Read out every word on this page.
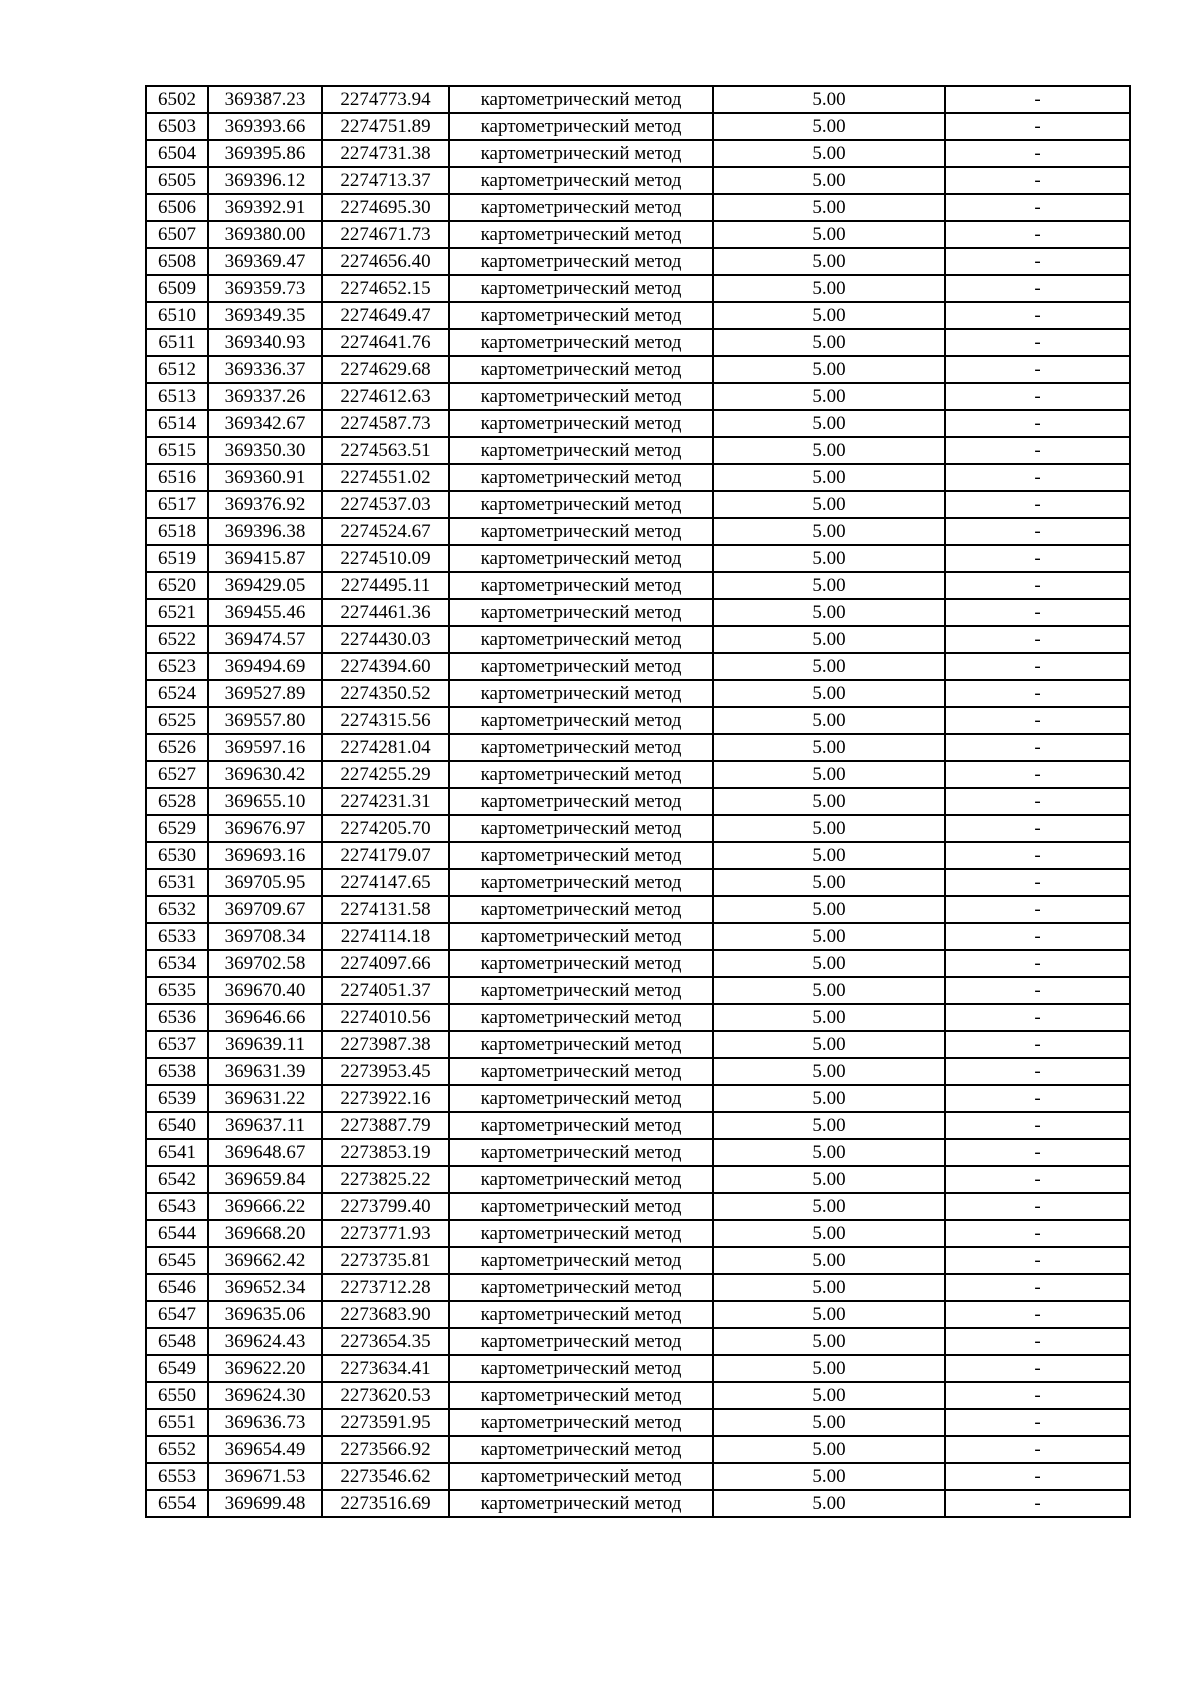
6502	369387.23	2274773.94	картометрический метод	5.00	-
6503	369393.66	2274751.89	картометрический метод	5.00	-
6504	369395.86	2274731.38	картометрический метод	5.00	-
6505	369396.12	2274713.37	картометрический метод	5.00	-
6506	369392.91	2274695.30	картометрический метод	5.00	-
6507	369380.00	2274671.73	картометрический метод	5.00	-
6508	369369.47	2274656.40	картометрический метод	5.00	-
6509	369359.73	2274652.15	картометрический метод	5.00	-
6510	369349.35	2274649.47	картометрический метод	5.00	-
6511	369340.93	2274641.76	картометрический метод	5.00	-
6512	369336.37	2274629.68	картометрический метод	5.00	-
6513	369337.26	2274612.63	картометрический метод	5.00	-
6514	369342.67	2274587.73	картометрический метод	5.00	-
6515	369350.30	2274563.51	картометрический метод	5.00	-
6516	369360.91	2274551.02	картометрический метод	5.00	-
6517	369376.92	2274537.03	картометрический метод	5.00	-
6518	369396.38	2274524.67	картометрический метод	5.00	-
6519	369415.87	2274510.09	картометрический метод	5.00	-
6520	369429.05	2274495.11	картометрический метод	5.00	-
6521	369455.46	2274461.36	картометрический метод	5.00	-
6522	369474.57	2274430.03	картометрический метод	5.00	-
6523	369494.69	2274394.60	картометрический метод	5.00	-
6524	369527.89	2274350.52	картометрический метод	5.00	-
6525	369557.80	2274315.56	картометрический метод	5.00	-
6526	369597.16	2274281.04	картометрический метод	5.00	-
6527	369630.42	2274255.29	картометрический метод	5.00	-
6528	369655.10	2274231.31	картометрический метод	5.00	-
6529	369676.97	2274205.70	картометрический метод	5.00	-
6530	369693.16	2274179.07	картометрический метод	5.00	-
6531	369705.95	2274147.65	картометрический метод	5.00	-
6532	369709.67	2274131.58	картометрический метод	5.00	-
6533	369708.34	2274114.18	картометрический метод	5.00	-
6534	369702.58	2274097.66	картометрический метод	5.00	-
6535	369670.40	2274051.37	картометрический метод	5.00	-
6536	369646.66	2274010.56	картометрический метод	5.00	-
6537	369639.11	2273987.38	картометрический метод	5.00	-
6538	369631.39	2273953.45	картометрический метод	5.00	-
6539	369631.22	2273922.16	картометрический метод	5.00	-
6540	369637.11	2273887.79	картометрический метод	5.00	-
6541	369648.67	2273853.19	картометрический метод	5.00	-
6542	369659.84	2273825.22	картометрический метод	5.00	-
6543	369666.22	2273799.40	картометрический метод	5.00	-
6544	369668.20	2273771.93	картометрический метод	5.00	-
6545	369662.42	2273735.81	картометрический метод	5.00	-
6546	369652.34	2273712.28	картометрический метод	5.00	-
6547	369635.06	2273683.90	картометрический метод	5.00	-
6548	369624.43	2273654.35	картометрический метод	5.00	-
6549	369622.20	2273634.41	картометрический метод	5.00	-
6550	369624.30	2273620.53	картометрический метод	5.00	-
6551	369636.73	2273591.95	картометрический метод	5.00	-
6552	369654.49	2273566.92	картометрический метод	5.00	-
6553	369671.53	2273546.62	картометрический метод	5.00	-
6554	369699.48	2273516.69	картометрический метод	5.00	-
